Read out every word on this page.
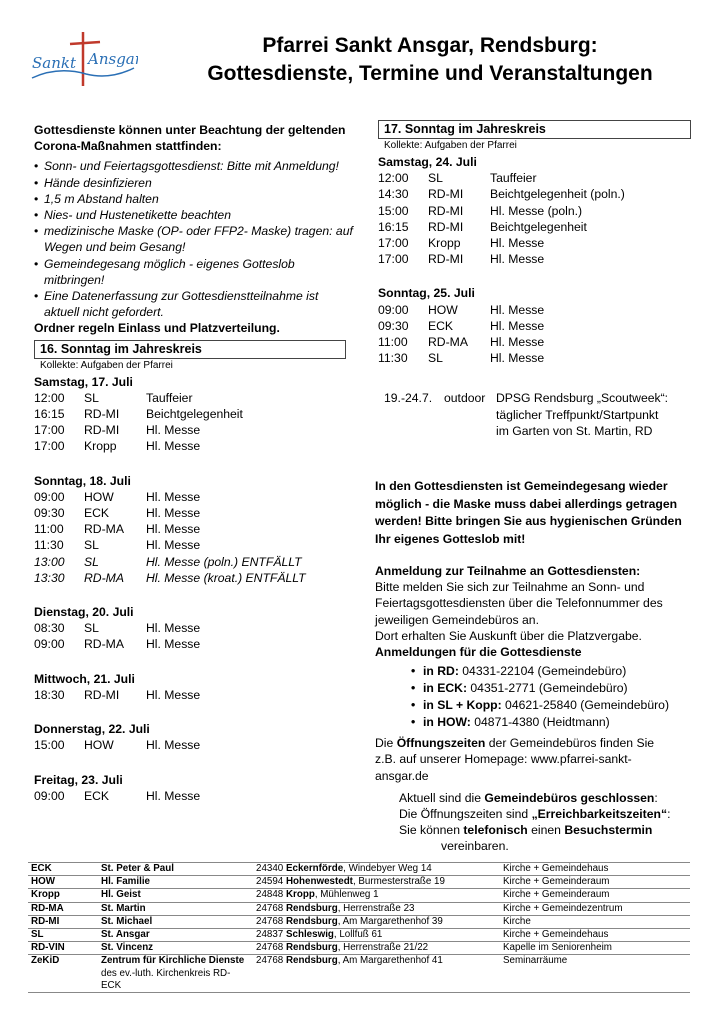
Sankt Ansgar
Pfarrei Sankt Ansgar, Rendsburg:
Gottesdienste, Termine und Veranstaltungen
Gottesdienste können unter Beachtung der geltenden
Corona-Maßnahmen stattfinden:
• Sonn- und Feiertagsgottesdienst: Bitte mit Anmeldung!
• Hände desinfizieren
• 1,5 m Abstand halten
• Nies- und Hustenetikette beachten
• medizinische Maske (OP- oder FFP2- Maske) tragen: auf Wegen und beim Gesang!
• Gemeindegesang möglich - eigenes Gotteslob mitbringen!
• Eine Datenerfassung zur Gottesdienstteilnahme ist aktuell nicht gefordert.
Ordner regeln Einlass und Platzverteilung.
16. Sonntag im Jahreskreis
Kollekte: Aufgaben der Pfarrei
Samstag, 17. Juli
12:00	SL	Tauffeier
16:15	RD-MI	Beichtgelegenheit
17:00	RD-MI	Hl. Messe
17:00	Kropp	Hl. Messe
Sonntag, 18. Juli
09:00	HOW	Hl. Messe
09:30	ECK	Hl. Messe
11:00	RD-MA	Hl. Messe
11:30	SL	Hl. Messe
13:00	SL	Hl. Messe (poln.) ENTFÄLLT
13:30	RD-MA	Hl. Messe (kroat.) ENTFÄLLT
Dienstag, 20. Juli
08:30	SL	Hl. Messe
09:00	RD-MA	Hl. Messe
Mittwoch, 21. Juli
18:30	RD-MI	Hl. Messe
Donnerstag, 22. Juli
15:00	HOW	Hl. Messe
Freitag, 23. Juli
09:00	ECK	Hl. Messe
17. Sonntag im Jahreskreis
Kollekte: Aufgaben der Pfarrei
Samstag, 24. Juli
12:00	SL	Tauffeier
14:30	RD-MI	Beichtgelegenheit (poln.)
15:00	RD-MI	Hl. Messe (poln.)
16:15	RD-MI	Beichtgelegenheit
17:00	Kropp	Hl. Messe
17:00	RD-MI	Hl. Messe
Sonntag, 25. Juli
09:00	HOW	Hl. Messe
09:30	ECK	Hl. Messe
11:00	RD-MA	Hl. Messe
11:30	SL	Hl. Messe
19.-24.7. outdoor DPSG Rendsburg „Scoutweek“:
täglicher Treffpunkt/Startpunkt
im Garten von St. Martin, RD
In den Gottesdiensten ist Gemeindegesang wieder
möglich - die Maske muss dabei allerdings getragen
werden! Bitte bringen Sie aus hygienischen Gründen
Ihr eigenes Gotteslob mit!
Anmeldung zur Teilnahme an Gottesdiensten:
Bitte melden Sie sich zur Teilnahme an Sonn- und
Feiertagsgottesdiensten über die Telefonnummer des
jeweiligen Gemeindebüros an.
Dort erhalten Sie Auskunft über die Platzvergabe.
Anmeldungen für die Gottesdienste
• in RD: 04331-22104 (Gemeindebüro)
• in ECK: 04351-2771 (Gemeindebüro)
• in SL + Kopp: 04621-25840 (Gemeindebüro)
• in HOW: 04871-4380 (Heidtmann)
Die Öffnungszeiten der Gemeindebüros finden Sie
z.B. auf unserer Homepage: www.pfarrei-sankt-
ansgar.de
Aktuell sind die Gemeindebüros geschlossen:
Die Öffnungszeiten sind „Erreichbarkeitszeiten“:
Sie können telefonisch einen Besuchstermin
vereinbaren.
ECK	St. Peter & Paul	24340 Eckernförde, Windebyer Weg 14	Kirche + Gemeindehaus
HOW	Hl. Familie	24594 Hohenwestedt, Burmesterstraße 19	Kirche + Gemeinderaum
Kropp	Hl. Geist	24848 Kropp, Mühlenweg 1	Kirche + Gemeinderaum
RD-MA	St. Martin	24768 Rendsburg, Herrenstraße 23	Kirche + Gemeindezentrum
RD-MI	St. Michael	24768 Rendsburg, Am Margarethenhof 39	Kirche
SL	St. Ansgar	24837 Schleswig, Lollfuß 61	Kirche + Gemeindehaus
RD-VIN	St. Vincenz	24768 Rendsburg, Herrenstraße 21/22	Kapelle im Seniorenheim
ZeKiD	Zentrum für Kirchliche Dienste
des ev.-luth. Kirchenkreis RD-ECK	24768 Rendsburg, Am Margarethenhof 41	Seminarräume
